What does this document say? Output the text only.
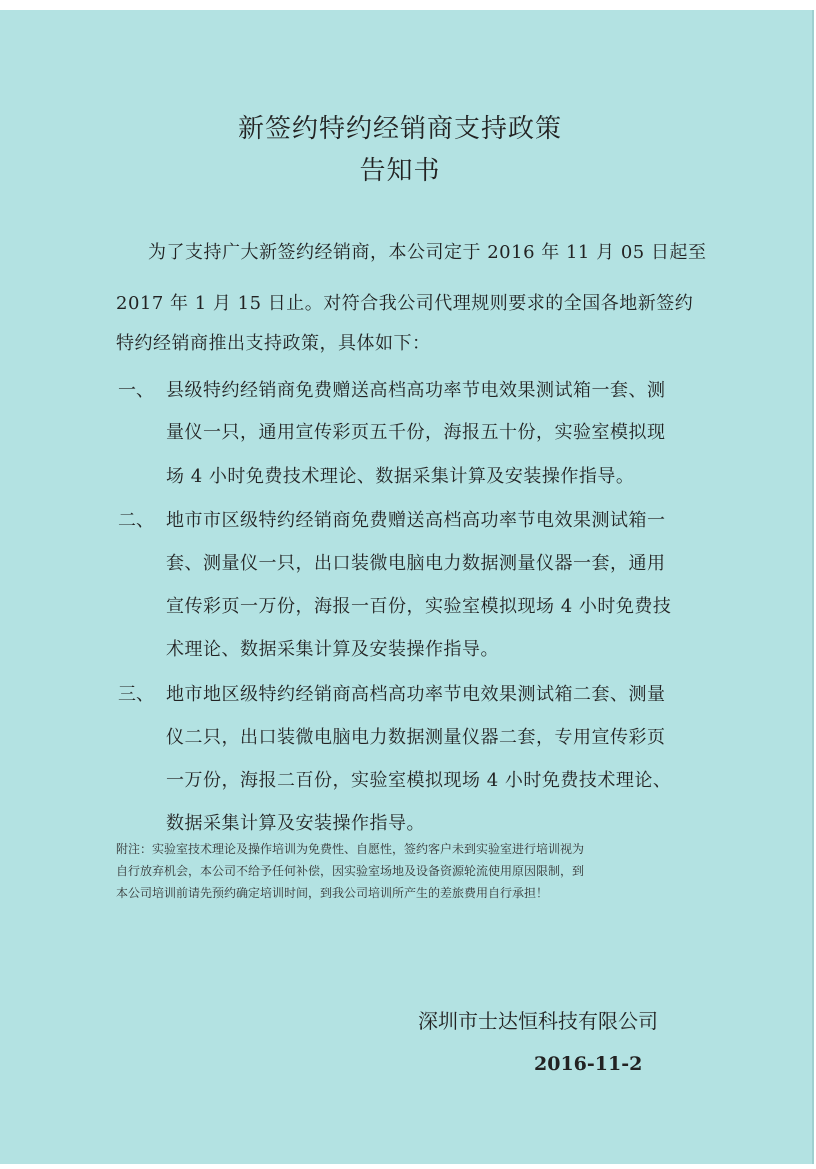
新签约特约经销商支持政策
告知书

为了支持广大新签约经销商，本公司定于 2016 年 11 月 05 日起至

2017 年 1 月 15 日止。对符合我公司代理规则要求的全国各地新签约

特约经销商推出支持政策，具体如下：

一、 县级特约经销商免费赠送高档高功率节电效果测试箱一套、测

量仪一只，通用宣传彩页五千份，海报五十份，实验室模拟现

场 4 小时免费技术理论、数据采集计算及安装操作指导。

二、 地市市区级特约经销商免费赠送高档高功率节电效果测试箱一

套、测量仪一只，出口装微电脑电力数据测量仪器一套，通用

宣传彩页一万份，海报一百份，实验室模拟现场 4 小时免费技

术理论、数据采集计算及安装操作指导。

三、 地市地区级特约经销商高档高功率节电效果测试箱二套、测量

仪二只，出口装微电脑电力数据测量仪器二套，专用宣传彩页

一万份，海报二百份，实验室模拟现场 4 小时免费技术理论、

数据采集计算及安装操作指导。

附注：实验室技术理论及操作培训为免费性、自愿性，签约客户未到实验室进行培训视为

自行放弃机会，本公司不给予任何补偿，因实验室场地及设备资源轮流使用原因限制，到

本公司培训前请先预约确定培训时间，到我公司培训所产生的差旅费用自行承担！

深圳市士达恒科技有限公司

2016-11-2
